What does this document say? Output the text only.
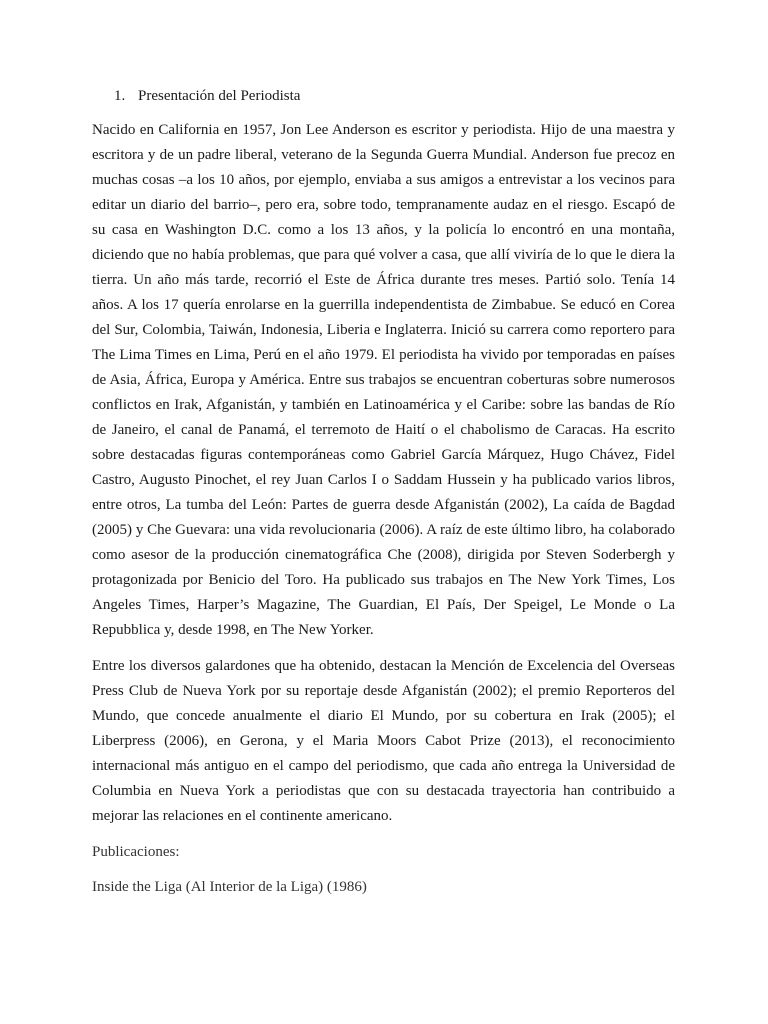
1. Presentación del Periodista

Nacido en California en 1957, Jon Lee Anderson es escritor y periodista. Hijo de una maestra y escritora y de un padre liberal, veterano de la Segunda Guerra Mundial. Anderson fue precoz en muchas cosas –a los 10 años, por ejemplo, enviaba a sus amigos a entrevistar a los vecinos para editar un diario del barrio–, pero era, sobre todo, tempranamente audaz en el riesgo. Escapó de su casa en Washington D.C. como a los 13 años, y la policía lo encontró en una montaña, diciendo que no había problemas, que para qué volver a casa, que allí viviría de lo que le diera la tierra. Un año más tarde, recorrió el Este de África durante tres meses. Partió solo. Tenía 14 años. A los 17 quería enrolarse en la guerrilla independentista de Zimbabue. Se educó en Corea del Sur, Colombia, Taiwán, Indonesia, Liberia e Inglaterra. Inició su carrera como reportero para The Lima Times en Lima, Perú en el año 1979. El periodista ha vivido por temporadas en países de Asia, África, Europa y América. Entre sus trabajos se encuentran coberturas sobre numerosos conflictos en Irak, Afganistán, y también en Latinoamérica y el Caribe: sobre las bandas de Río de Janeiro, el canal de Panamá, el terremoto de Haití o el chabolismo de Caracas. Ha escrito sobre destacadas figuras contemporáneas como Gabriel García Márquez, Hugo Chávez, Fidel Castro, Augusto Pinochet, el rey Juan Carlos I o Saddam Hussein y ha publicado varios libros, entre otros, La tumba del León: Partes de guerra desde Afganistán (2002), La caída de Bagdad (2005) y Che Guevara: una vida revolucionaria (2006). A raíz de este último libro, ha colaborado como asesor de la producción cinematográfica Che (2008), dirigida por Steven Soderbergh y protagonizada por Benicio del Toro. Ha publicado sus trabajos en The New York Times, Los Angeles Times, Harper’s Magazine, The Guardian, El País, Der Speigel, Le Monde o La Repubblica y, desde 1998, en The New Yorker.

Entre los diversos galardones que ha obtenido, destacan la Mención de Excelencia del Overseas Press Club de Nueva York por su reportaje desde Afganistán (2002); el premio Reporteros del Mundo, que concede anualmente el diario El Mundo, por su cobertura en Irak (2005); el Liberpress (2006), en Gerona, y el Maria Moors Cabot Prize (2013), el reconocimiento internacional más antiguo en el campo del periodismo, que cada año entrega la Universidad de Columbia en Nueva York a periodistas que con su destacada trayectoria han contribuido a mejorar las relaciones en el continente americano.

Publicaciones:

Inside the Liga (Al Interior de la Liga) (1986)
